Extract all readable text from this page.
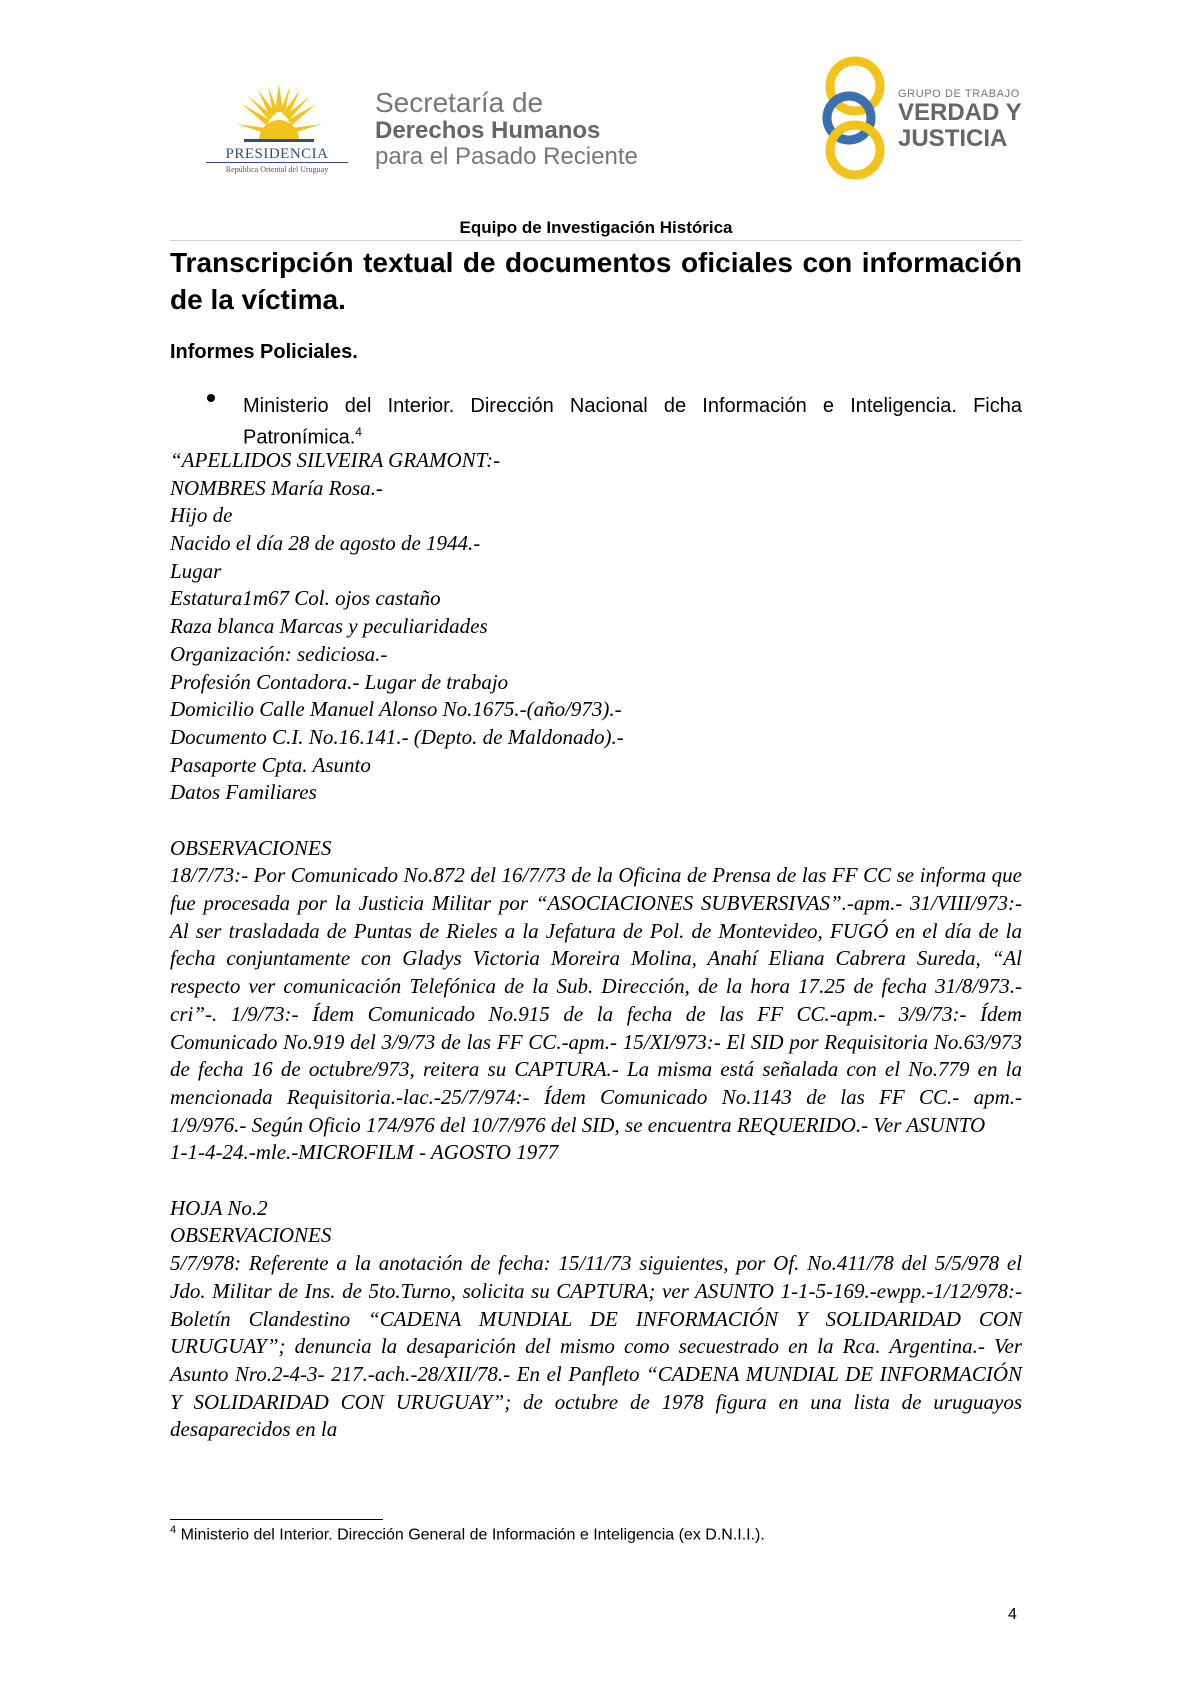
PRESIDENCIA
República Oriental del Uruguay
Secretaría de
Derechos Humanos
para el Pasado Reciente
GRUPO DE TRABAJO
VERDAD Y
JUSTICIA
Equipo de Investigación Histórica
Transcripción textual de documentos oficiales con información de la víctima.
Informes Policiales.
Ministerio del Interior. Dirección Nacional de Información e Inteligencia. Ficha Patronímica.$^4$
“APELLIDOS SILVEIRA GRAMONT:-
NOMBRES María Rosa.-
Hijo de
Nacido el día 28 de agosto de 1944.-
Lugar
Estatura1m67 Col. ojos castaño
Raza blanca Marcas y peculiaridades
Organización: sediciosa.-
Profesión Contadora.- Lugar de trabajo
Domicilio Calle Manuel Alonso No.1675.-(año/973).-
Documento C.I. No.16.141.- (Depto. de Maldonado).-
Pasaporte Cpta. Asunto
Datos Familiares
OBSERVACIONES
18/7/73:- Por Comunicado No.872 del 16/7/73 de la Oficina de Prensa de las FF CC se informa que fue procesada por la Justicia Militar por “ASOCIACIONES SUBVERSIVAS”.-apm.- 31/VIII/973:- Al ser trasladada de Puntas de Rieles a la Jefatura de Pol. de Montevideo, FUGÓ en el día de la fecha conjuntamente con Gladys Victoria Moreira Molina, Anahí Eliana Cabrera Sureda, “Al respecto ver comunicación Telefónica de la Sub. Dirección, de la hora 17.25 de fecha 31/8/973.- cri”-. 1/9/73:- Ídem Comunicado No.915 de la fecha de las FF CC.-apm.- 3/9/73:- Ídem Comunicado No.919 del 3/9/73 de las FF CC.-apm.- 15/XI/973:- El SID por Requisitoria No.63/973 de fecha 16 de octubre/973, reitera su CAPTURA.- La misma está señalada con el No.779 en la mencionada Requisitoria.-lac.-25/7/974:- Ídem Comunicado No.1143 de las FF CC.- apm.- 1/9/976.- Según Oficio 174/976 del 10/7/976 del SID, se encuentra REQUERIDO.- Ver ASUNTO
1-1-4-24.-mle.-MICROFILM - AGOSTO 1977
HOJA No.2
OBSERVACIONES
5/7/978: Referente a la anotación de fecha: 15/11/73 siguientes, por Of. No.411/78 del 5/5/978 el Jdo. Militar de Ins. de 5to.Turno, solicita su CAPTURA; ver ASUNTO 1-1-5-169.-ewpp.-1/12/978:- Boletín Clandestino “CADENA MUNDIAL DE INFORMACIÓN Y SOLIDARIDAD CON URUGUAY”; denuncia la desaparición del mismo como secuestrado en la Rca. Argentina.- Ver Asunto Nro.2-4-3- 217.-ach.-28/XII/78.- En el Panfleto “CADENA MUNDIAL DE INFORMACIÓN Y SOLIDARIDAD CON URUGUAY”; de octubre de 1978 figura en una lista de uruguayos desaparecidos en la
$^4$ Ministerio del Interior. Dirección General de Información e Inteligencia (ex D.N.I.I.).
4
